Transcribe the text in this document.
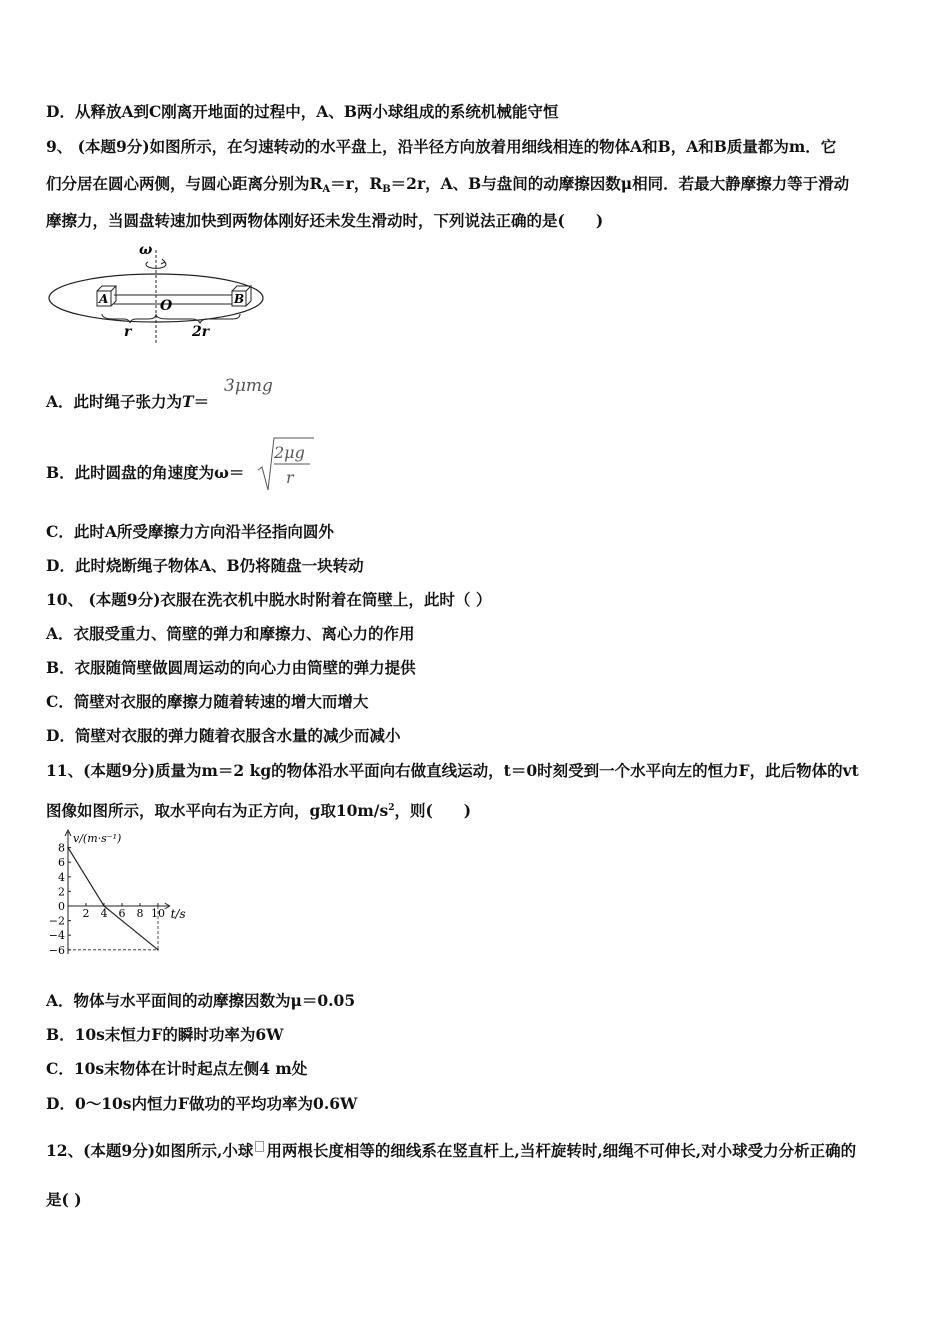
D．从释放A到C刚离开地面的过程中，A、B两小球组成的系统机械能守恒
9、 (本题9分)如图所示，在匀速转动的水平盘上，沿半径方向放着用细线相连的物体A和B，A和B质量都为m．它
们分居在圆心两侧，与圆心距离分别为$R_A=r$，$R_B=2r$，A、B与盘间的动摩擦因数μ相同．若最大静摩擦力等于滑动
摩擦力，当圆盘转速加快到两物体刚好还未发生滑动时，下列说法正确的是(　　)
ω
A	B
O
r	2r
A．此时绳子张力为T＝
3μmg
B．此时圆盘的角速度为ω＝
2μg
r
C．此时A所受摩擦力方向沿半径指向圆外
D．此时烧断绳子物体A、B仍将随盘一块转动
10、 (本题9分)衣服在洗衣机中脱水时附着在筒壁上，此时（ ）
A．衣服受重力、筒壁的弹力和摩擦力、离心力的作用
B．衣服随筒壁做圆周运动的向心力由筒壁的弹力提供
C．筒壁对衣服的摩擦力随着转速的增大而增大
D．筒壁对衣服的弹力随着衣服含水量的减少而减小
11、(本题9分)质量为m＝2 kg的物体沿水平面向右做直线运动，t＝0时刻受到一个水平向左的恒力F，此后物体的vt
图像如图所示，取水平向右为正方向，g取$10m/s^2$，则(　　)
v/(m·s⁻¹)
t/s
8
6
4
2
0
−2
−4
−6
2 4 6 8 10
A．物体与水平面间的动摩擦因数为μ＝0.05
B．10s末恒力F的瞬时功率为6W
C．10s末物体在计时起点左侧4 m处
D．0～10s内恒力F做功的平均功率为0.6W
12、(本题9分)如图所示,小球 用两根长度相等的细线系在竖直杆上,当杆旋转时,细绳不可伸长,对小球受力分析正确的
是( )
